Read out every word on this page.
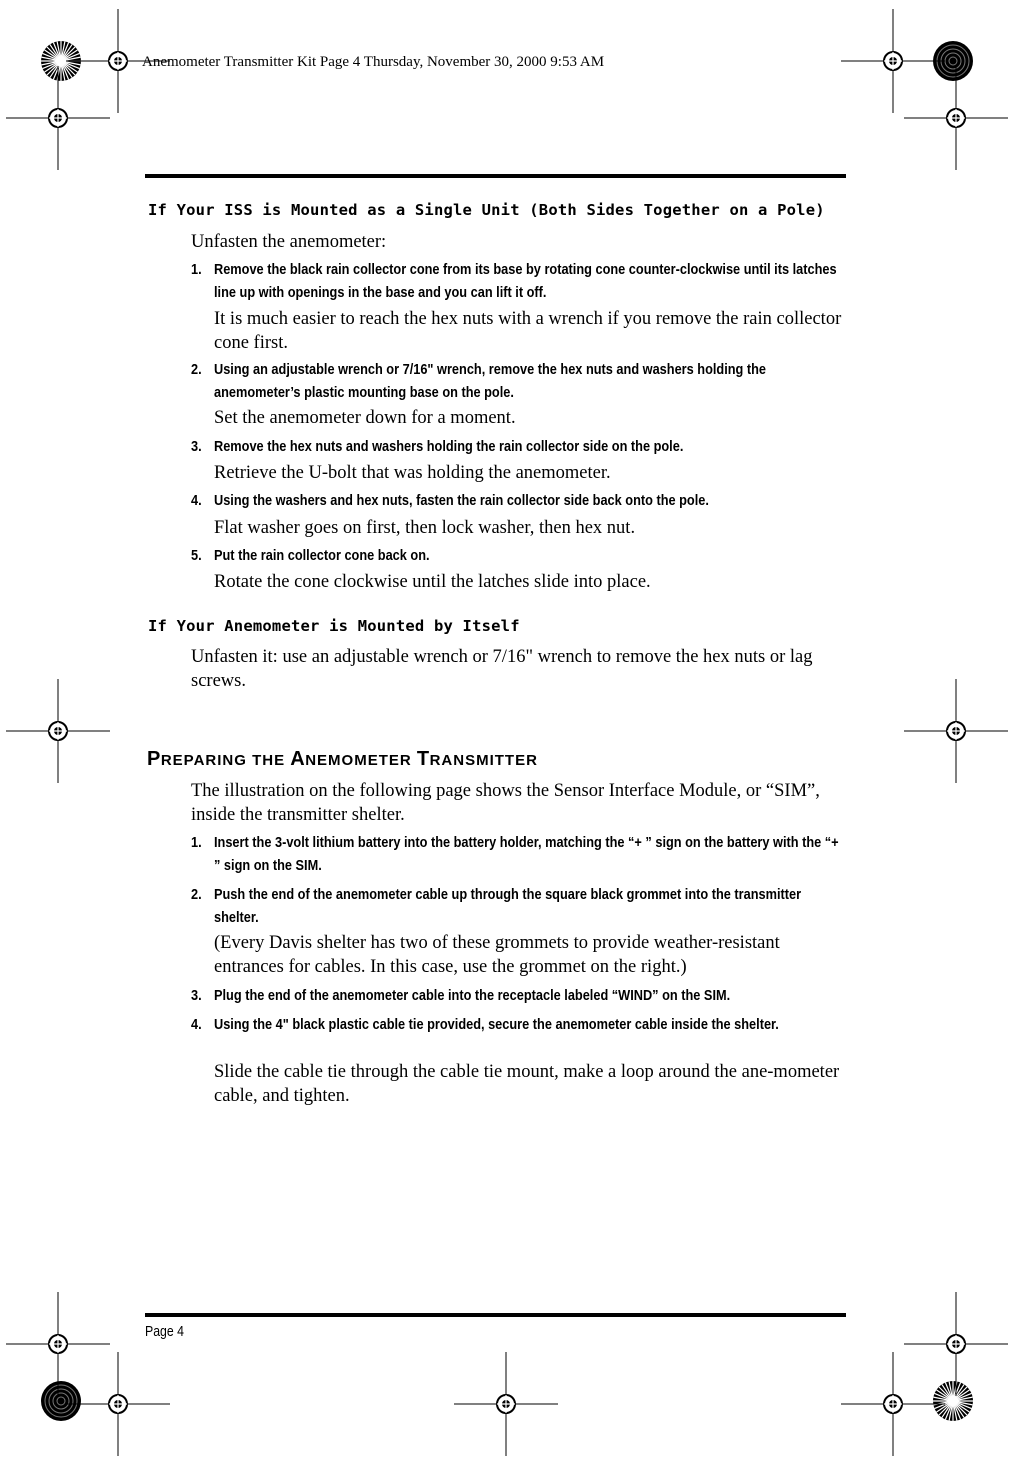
Anemometer Transmitter Kit Page 4 Thursday, November 30, 2000 9:53 AM
If Your ISS is Mounted as a Single Unit (Both Sides Together on a Pole)

Unfasten the anemometer:

1. Remove the black rain collector cone from its base by rotating cone counter-clockwise until its latches line up with openings in the base and you can lift it off.

It is much easier to reach the hex nuts with a wrench if you remove the rain collector cone first.

2. Using an adjustable wrench or 7/16" wrench, remove the hex nuts and washers holding the anemometer’s plastic mounting base on the pole.

Set the anemometer down for a moment.

3. Remove the hex nuts and washers holding the rain collector side on the pole.

Retrieve the U-bolt that was holding the anemometer.

4. Using the washers and hex nuts, fasten the rain collector side back onto the pole.

Flat washer goes on first, then lock washer, then hex nut.

5. Put the rain collector cone back on.

Rotate the cone clockwise until the latches slide into place.

If Your Anemometer is Mounted by Itself

Unfasten it: use an adjustable wrench or 7/16" wrench to remove the hex nuts or lag screws.

PREPARING THE ANEMOMETER TRANSMITTER

The illustration on the following page shows the Sensor Interface Module, or “SIM”, inside the transmitter shelter.

1. Insert the 3-volt lithium battery into the battery holder, matching the “+ ” sign on the battery with the “+ ” sign on the SIM.
2. Push the end of the anemometer cable up through the square black grommet into the transmitter shelter.

(Every Davis shelter has two of these grommets to provide weather-resistant entrances for cables. In this case, use the grommet on the right.)

3. Plug the end of the anemometer cable into the receptacle labeled “WIND” on the SIM.
4. Using the 4" black plastic cable tie provided, secure the anemometer cable inside the shelter.

Slide the cable tie through the cable tie mount, make a loop around the ane-mometer cable, and tighten.

Page 4
